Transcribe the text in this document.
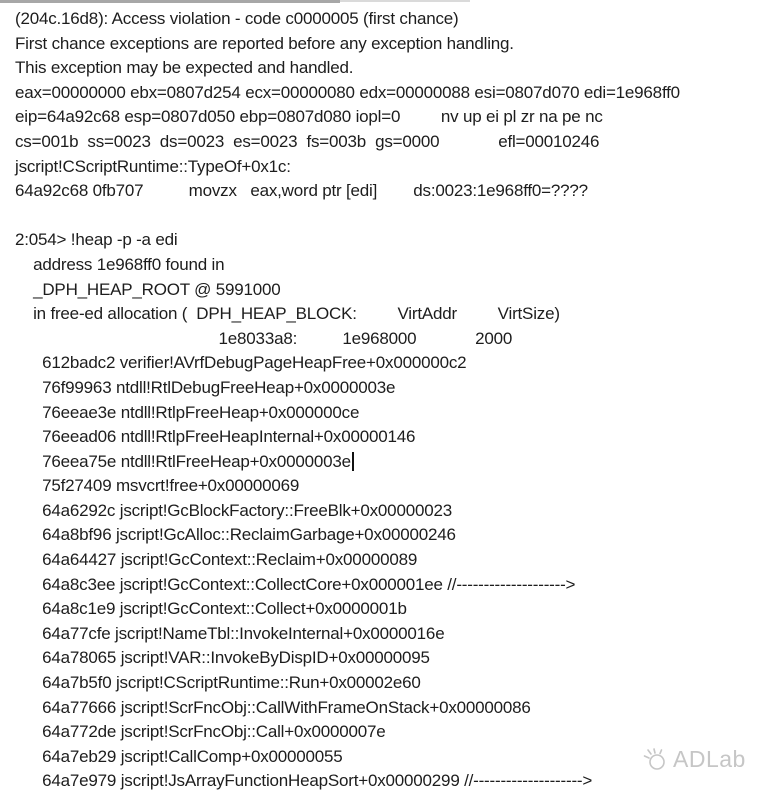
(204c.16d8): Access violation - code c0000005 (first chance)
First chance exceptions are reported before any exception handling.
This exception may be expected and handled.
eax=00000000 ebx=0807d254 ecx=00000080 edx=00000088 esi=0807d070 edi=1e968ff0
eip=64a92c68 esp=0807d050 ebp=0807d080 iopl=0         nv up ei pl zr na pe nc
cs=001b  ss=0023  ds=0023  es=0023  fs=003b  gs=0000             efl=00010246
jscript!CScriptRuntime::TypeOf+0x1c:
64a92c68 0fb707          movzx   eax,word ptr [edi]        ds:0023:1e968ff0=????

2:054> !heap -p -a edi
address 1e968ff0 found in
_DPH_HEAP_ROOT @ 5991000
in free-ed allocation (  DPH_HEAP_BLOCK:         VirtAddr         VirtSize)
1e8033a8:          1e968000             2000
612badc2 verifier!AVrfDebugPageHeapFree+0x000000c2
76f99963 ntdll!RtlDebugFreeHeap+0x0000003e
76eeae3e ntdll!RtlpFreeHeap+0x000000ce
76eead06 ntdll!RtlpFreeHeapInternal+0x00000146
76eea75e ntdll!RtlFreeHeap+0x0000003e
75f27409 msvcrt!free+0x00000069
64a6292c jscript!GcBlockFactory::FreeBlk+0x00000023
64a8bf96 jscript!GcAlloc::ReclaimGarbage+0x00000246
64a64427 jscript!GcContext::Reclaim+0x00000089
64a8c3ee jscript!GcContext::CollectCore+0x000001ee //-------------------->
64a8c1e9 jscript!GcContext::Collect+0x0000001b
64a77cfe jscript!NameTbl::InvokeInternal+0x0000016e
64a78065 jscript!VAR::InvokeByDispID+0x00000095
64a7b5f0 jscript!CScriptRuntime::Run+0x00002e60
64a77666 jscript!ScrFncObj::CallWithFrameOnStack+0x00000086
64a772de jscript!ScrFncObj::Call+0x0000007e
64a7eb29 jscript!CallComp+0x00000055
64a7e979 jscript!JsArrayFunctionHeapSort+0x00000299 //-------------------->
ADLab
